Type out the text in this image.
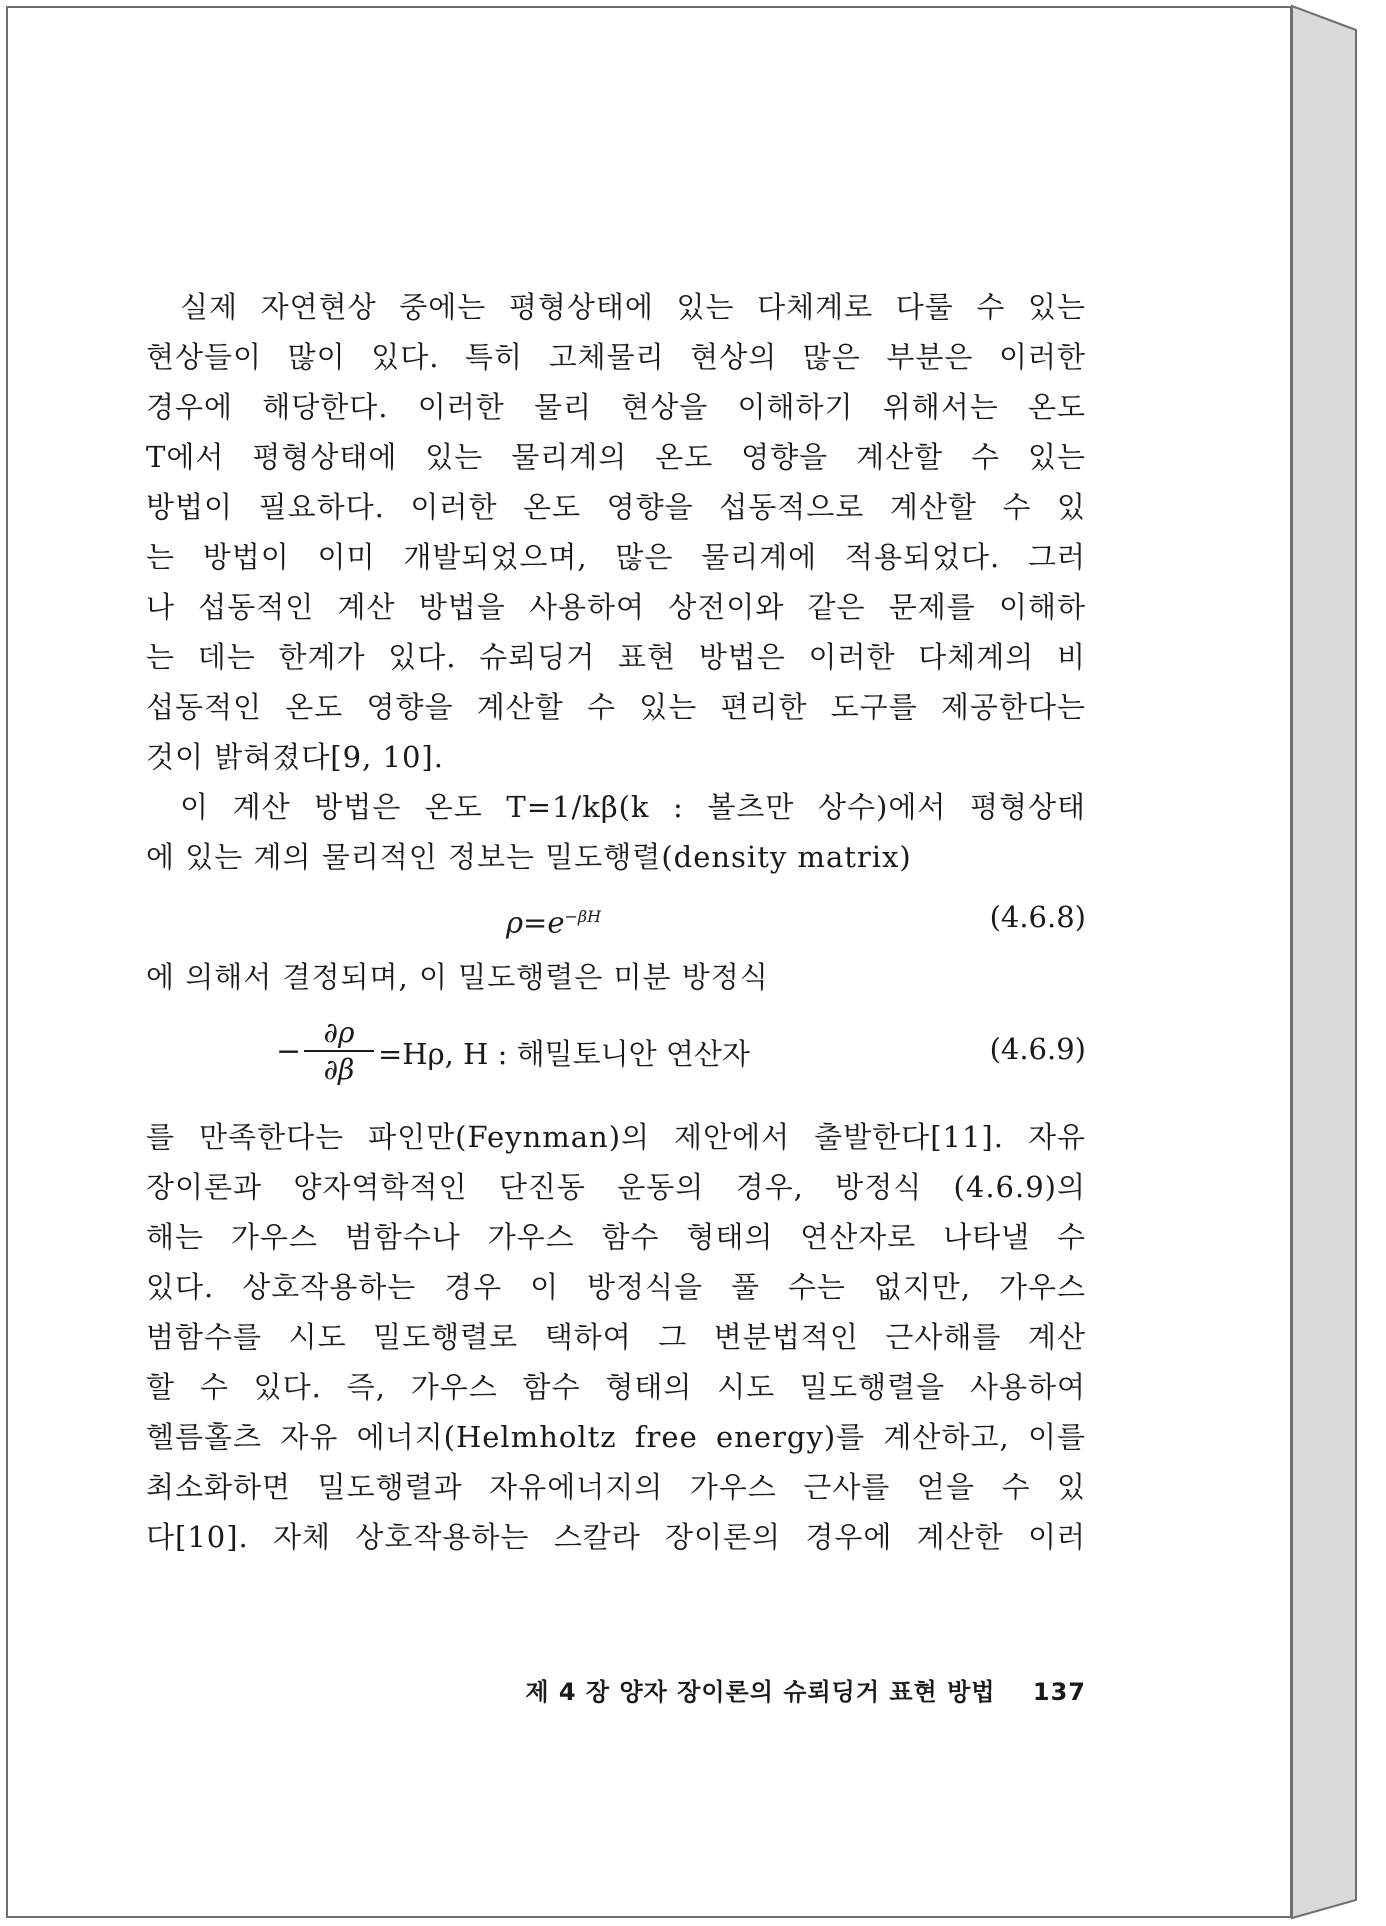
실제 자연현상 중에는 평형상태에 있는 다체계로 다룰 수 있는
현상들이 많이 있다. 특히 고체물리 현상의 많은 부분은 이러한
경우에 해당한다. 이러한 물리 현상을 이해하기 위해서는 온도
T에서 평형상태에 있는 물리계의 온도 영향을 계산할 수 있는
방법이 필요하다. 이러한 온도 영향을 섭동적으로 계산할 수 있
는 방법이 이미 개발되었으며, 많은 물리계에 적용되었다. 그러
나 섭동적인 계산 방법을 사용하여 상전이와 같은 문제를 이해하
는 데는 한계가 있다. 슈뢰딩거 표현 방법은 이러한 다체계의 비
섭동적인 온도 영향을 계산할 수 있는 편리한 도구를 제공한다는
것이 밝혀졌다[9, 10].
이 계산 방법은 온도 T=1/kβ(k : 볼츠만 상수)에서 평형상태
에 있는 계의 물리적인 정보는 밀도행렬(density matrix)
$\rho=e^{-\beta H}$	(4.6.8)
에 의해서 결정되며, 이 밀도행렬은 미분 방정식
− $\frac{\partial\rho}{\partial\beta} =H\rho$, H : 해밀토니안 연산자	(4.6.9)
를 만족한다는 파인만(Feynman)의 제안에서 출발한다[11]. 자유
장이론과 양자역학적인 단진동 운동의 경우, 방정식 (4.6.9)의
해는 가우스 범함수나 가우스 함수 형태의 연산자로 나타낼 수
있다. 상호작용하는 경우 이 방정식을 풀 수는 없지만, 가우스
범함수를 시도 밀도행렬로 택하여 그 변분법적인 근사해를 계산
할 수 있다. 즉, 가우스 함수 형태의 시도 밀도행렬을 사용하여
헬름홀츠 자유 에너지(Helmholtz free energy)를 계산하고, 이를
최소화하면 밀도행렬과 자유에너지의 가우스 근사를 얻을 수 있
다[10]. 자체 상호작용하는 스칼라 장이론의 경우에 계산한 이러
제 4 장 양자 장이론의 슈뢰딩거 표현 방법 137
